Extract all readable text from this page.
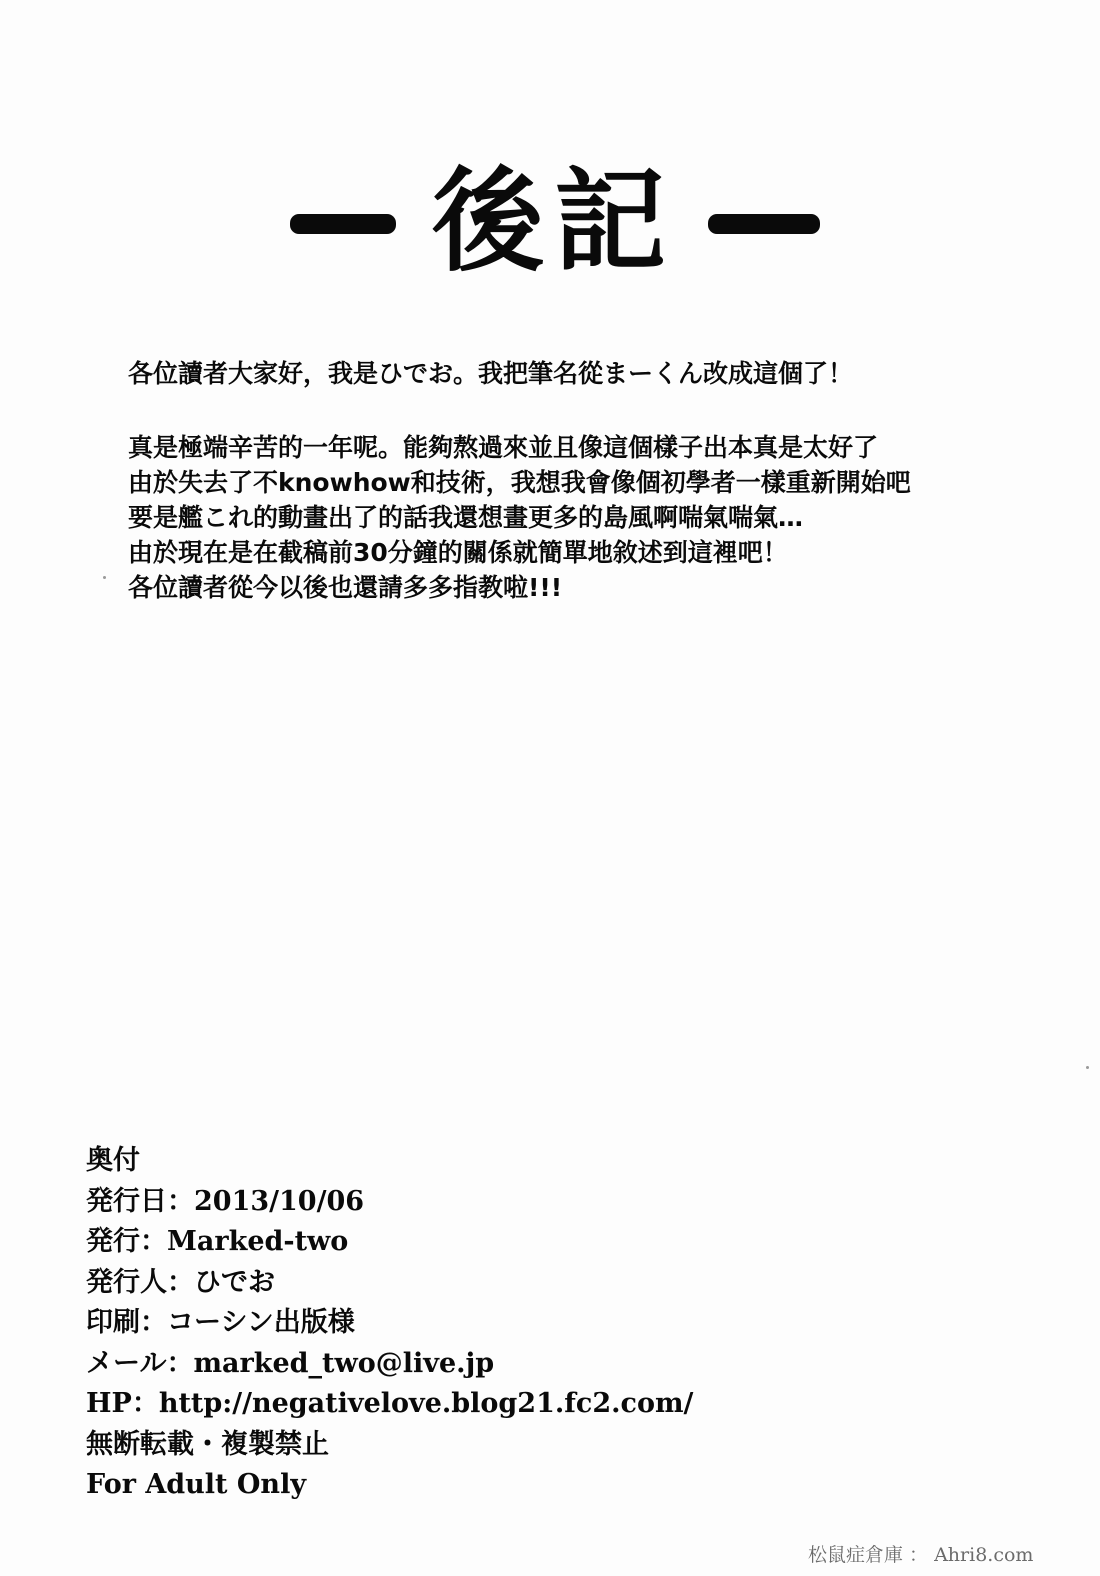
後記

各位讀者大家好，我是ひでお。我把筆名從まーくん改成這個了！

真是極端辛苦的一年呢。能夠熬過來並且像這個樣子出本真是太好了

由於失去了不knowhow和技術，我想我會像個初學者一樣重新開始吧

要是艦これ的動畫出了的話我還想畫更多的島風啊喘氣喘氣…

由於現在是在截稿前30分鐘的關係就簡單地敘述到這裡吧！

各位讀者從今以後也還請多多指教啦!!!

奥付
発行日：2013/10/06
発行：Marked-two
発行人：ひでお
印刷：コーシン出版様
メール：marked_two@live.jp
HP：http://negativelove.blog21.fc2.com/
無断転載・複製禁止
For Adult Only
松鼠症倉庫 ： Ahri8.com
